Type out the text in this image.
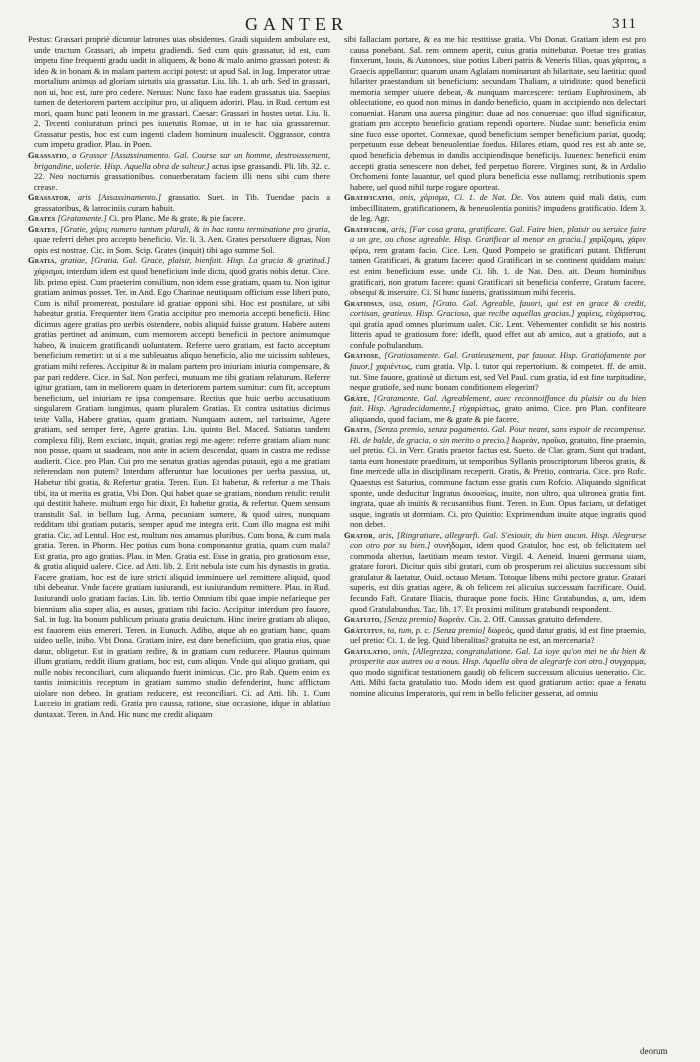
GANTER	311

Pestus: Grassari propriè dicuntur latrones uias obsidentes. Gradi siquidem ambulare est, unde tractum Grassari, ab impetu gradiendi. Sed cum quis grassatur, id est, cum impetu fine frequenti gradu uadit in aliquem, & bono & malo animo grassari potest: & ideo & in bonam & in malam partem accipi potest: ut apud Sal. in Iug. Imperator utrae mortalium animus ad gloriam uirtutis uia grassatur. Liu. lib. 1. ab urb. Sed in grassari, non ui, hoc est, iure pro cedere. Neruus: Nunc faxo hae eadem grassatus uia. Saepius tamen de deteriorem partem accipitur pro, ui aliquem adoriri. Plau. in Rud. certum est mori, quam hunc pati leonem in me grassari. Caesar: Grassari in hostes uetat. Liu. li. 2. Tecenti coniuratum princi pes iuuetutis Romae, ut in te hac uia grassaremur. Grassatur pestis, hoc est cum ingenti cladem hominum inualescit. Oggrassor, contra cum impetu gradior. Plau. in Poen.

Grassatio, a Grassor [Assassinamento. Gal. Course sur un homme, destroussement, brigandine, uolerie. Hisp. Aquella obra de salteur.] actus ipse grassandi. Pli. lib. 32. c. 22. Neo nocturnis grassationibus. conuerberatam faciem illi nens sibi cum there crease.

Grassator, aris [Assassinamento.] grassatio. Suet. in Tib. Tuendae pacis a grassatoribus, & latrociniis curam habuit.

Grates [Gratamente.] Ci. pro Planc. Me & grate, & pie facere.

Grates, [Gratie, χάρις numero tantum plurali, & in hac tantu terminatione pro gratia, quae referri debet pro accepto beneficio. Vir. li. 3. Aen. Grates persoluere dignas, Non opis est nostrae. Cic. in Som. Scip. Grates (inquit) tibi ago summe Sol.

Gratia, gratiae, [Gratia. Gal. Grace, plaisir, bienfait. Hisp. La gracia & gratitud.] χάρισμα, interdum idem est quod beneficium inde dictu, quod gratis nobis detur. Cice. lib. primo epist. Cum praeterim consilium, non idem esse gratiam, quam tu. Non igitur gratiam animus posset. Ter. in And. Ego Charinae neutiquam officium esse liberi puto, Cum is nihil promereat, postulare id gratiae opponi sibi. Hoc est postulare, ut sibi habeatur gratia. Frequenter item Gratia accipitur pro memoria accepti beneficii. Hinc dicimus agere gratias pro uerbis ostendere, nobis aliquid fuisse gratum. Habere autem gratias pertinet ad animum, cum memorem accepti beneficii in pectore animumque habeo, & inuicem gratificandi uoluntatem. Referre uero gratiam, est facto acceptum beneficium remetiri: ut si a me subleuatus aliquo beneficio, alio me uicissim subleues, gratiam mihi referes. Accipitur & in malam partem pro iniuriam iniuria compensare, & par pari reddere. Cice. in Sal. Non perfeci, mutuam me tibi gratiam relaturum. Referre igitur gratiam, tam in meliorem quam in deteriorem partem sumitur: cum fit, acceptum beneficium, uel iniuriam re ipsa compensare. Rectius que huic uerbo accusatiuum singularem Gratiam iungimus, quam pluralem Gratias. Et contra usitatius dicimus teste Valla, Habere gratias, quam gratiam. Nunquam autem, uel rarissime, Agere gratiam, sed semper fere, Agere gratias. Liu. quinto Bel. Maced. Satiatus tandem complexu filij, Rem exciatc, inquit, gratias regi me agere: referre gratiam aliam nunc non posse, quam ut suadeam, non ante in aciem descendat, quam in castra me redisse audierit. Cice. pro Plan. Cui pro me senatus gratias agendas putauit, ego a me gratiam referendam non putem? Interdum afferuntur hae locutiones per uerba passiua, ut, Habetur tibi gratia, & Refertur gratia. Teren. Eun. Et habetur, & refertur a me Thais tibi, ita ut merita es gratia, Vbi Don. Qui habet quae se gratiam, nondum retulit: retulit qui destitit habere. multum ergo hic dixit, Et habetur gratia, & refertur. Quem sensum transtulit Sal. in bellum Iug. Arma, pecuniam sumere, & quod uires, nunquam redditam tibi gratiam putaris, semper apud me integra erit. Cum illo magna est mihi gratia. Cic. ad Lentul. Hoc est, multum nos amamus pluribus. Cum bona, & cum mala gratia. Teren. in Phorm. Hec potius cum bona componantur gratia, quam cum mala? Est gratia, pro ago gratias. Plau. in Men. Gratia est. Esse in gratia, pro gratiosum esse, & gratia aliquid ualere. Cice. ad Atti. lib. 2. Erit nebula iste cum his dynastis in gratia. Facere gratiam, hoc est de iure stricti aliquid imminuere uel remittere aliquid, quod tibi debeatur. Vnde facere gratiam iusiurandi, est iusiurandum remittere. Plau. in Rud. Iusiurandi uolo gratiam facias. Lin. lib. tertio Omnium tibi quae impie nefarieque per biennium alia super alia, es ausus, gratiam tibi facio. Accipitur interdum pro fauore, Sal. in Iug. Ita bonum publicum priuata gratia deuictum. Hinc ineire gratiam ab aliquo, est fauorem eius emereri. Teren. in Eunuch. Adibo, atque ab eo gratiam hanc, quam uideo uelle, inibo. Vbi Dona. Gratiam inire, est dare beneficium, quo gratia eius, quae datur, obligetur. Est in gratiam redire, & in gratiam cum reducere. Plautus quintam illum gratiam, reddit ilium gratiam, hoc est, cum aliquo. Vnde qui aliquo gratiam, qui nulle nobis reconciliari, cum aliquando fuerit inimicus. Cic. pro Rab. Quem enim ex tantis inimicitiis receptum in gratiam summo studio defenderint, hunc afflictum uiolare non debeo. In gratiam reducere, est reconciliari. Ci. ad Atti. lib. 1. Cum Lucceio in gratiam redi. Gratia pro caussa, ratione, siue occasione, idque in ablatiuo duntaxat. Teren. in And. Hic nunc me credit aliquam

sibi fallaciam portare, & ea me hic restitisse gratia. Vbi Donat. Gratiam idem est pro causa ponebant. Sal. rem omnem aperit, cuius gratia mittebatur. Poetae tres gratias finxerunt, Iouis, & Autonoes, siue potius Liberi patris & Veneris filias, quas χάριτας, a Graecis appellantur: quarum unam Aglaiam nominarunt ab hilaritate, seu laetitia: quod hilariter praestandum sit beneficium: secundam Thaliam, a uiriditate: quod beneficii memoria semper uiuere debeat, & nunquam marcescere: tertiam Euphrosinem, ab oblectatione, eo quod non minus in dando beneficio, quam in accipiendo nos delectari conueniat. Harum una auersa pingitur: duae ad nos conuersae: quo illud significatur, gratiam pro accepto beneficio gratiam rependi oportere. Nudae sunt: beneficia enim sine fuco esse oportet. Connexae, quod beneficium semper beneficium pariat, quodq; perpetuum esse debeat beneuolentiae foedus. Hilares etiam, quod res est ab ante se, quod beneficia debemus in dandis accipiendisque beneficijs. Iuuenes: beneficii enim accepti gratia senescere non debet, fed perpetuo florere. Virgines sunt, & in Ardalio Orchomeni fonte lauantur, uel quod plura beneficia esse nullamq; retributionis spem habere, uel quod nihil turpe rogare oporteat.

Gratificatio, onis, χάρισμα, Ci. 1. de Nat. De. Vos autem quid mali datis, cum imbecillitatem, gratificationem, & beneuolentia ponitis? impudens gratificatio. Idem 3. de leg. Agr.

Gratificor, aris, [Far cosa grata, gratificare. Gal. Faire bien, plaisir ou seruice faire a un gre, ou chose agreable. Hisp. Gratificar al menor en gracia.] χαρίζομαι, χάριν φέρω, rem gratam facio. Cice. Len. Quod Pompeio se gratificari putant. Differunt tamen Gratificari, & gratum facere: quod Gratificari in se continent quiddam maius: est enim beneficium esse. unde Ci. lib. 1. de Nat. Deo. ait. Deum hominibus gratificari, non gratum facere: quasi Gratificari sit beneficia conferre, Gratum facere, obsequi & inseruire. Ci. Si hunc iuueris, gratissimum mihi feceris.

Gratiosus, osa, osum, [Grato. Gal. Agreable, fauori, qui est en grace & credit, cortisan, gratieux. Hisp. Gracioso, que recibe aquellas gracias.] χαρίεις, εὐχάριστος, qui gratia apud omnes plurimum ualet. Cic. Lent. Vehementer confidit se his nostris litteris apud te gratiosum fore: ideflt, quod effet aut ab amico, aut a gratiofo, aut a confule poftulandum.

Gratiose, [Gratiosamente. Gal. Gratieusement, par fauour. Hisp. Gratiofamente por fauor.] χαριέντως, cum gratia. Vlp. l. tutor qui repertorium. & competet. ff. de amit. tut. Sine fauore, gratiosè ut dictum est, sed Vel Paul. cum gratia, id est fine turpitudine, neque gratiofe, sed nunc bonam conditionem elegerint?

Grate, [Gratamente. Gal. Agreablement, auec reconnoiffance du plaisir ou du bien fait. Hisp. Agradecidamente.] εὐχαρίστως, grato animo. Cice. pro Plan. confiteare aliquando, quod faciam, me & grate & pie facere.

Gratis, [Senza premio, senza pagamento. Gal. Pour neant, sans espoir de recompense. Hi. de balde, de gracia, o sin merito o precio.] δωρεάν, προῖκα, gratuito, fine praemio, uel pretio. Ci. in Verr. Gratis praetor factus est. Sueto. de Clar. gram. Sunt qui tradant, tanta eum honestate praeditum, ut temporibus Syllanis proscriptorum liberos gratis, & fine mercede ulla in disciplinam receperit. Gratis, & Pretio, contraria. Cice. pro Rofc. Quaestus est Saturius, commune factum esse gratis cum Rofcio. Aliquando significat sponte, unde deducitur Ingratus ἀκουσίως, inuite, non ultro, qua ultronea gratia fint. ingrata, quae ab inuitis & recusantibus fiunt. Teren. in Eun. Opus faciam, ut defatiget usque, ingratis ut dormiam. Ci. pro Quintio: Exprimendum inuite atque ingratis quod non debet.

Grator, aris, [Ringratiare, allegrarfi. Gal. S'esiouir, du bien aucun. Hisp. Alegrarse con otro por su bien.] συνήδομαι, idem quod Gratulor, hoc est, ob felicitatem uel commoda alterius, laetitiam meam testor. Virgil. 4. Aeneid. Inueni germana uiam, gratare forori. Dicitur quis sibi gratari, cum ob prosperum rei alicuius successum sibi gratulatur & laetatur. Ouid. octauo Metam. Totoque libens mihi pectore gratur. Gratari superis, est diis gratias agere, & ob felicem rei alicuius successum facrificare. Ouid. fecundo Faft. Gratare Iliacis, thuraque pone focis. Hinc Gratabundus, a, um, idem quod Gratulabundus. Tac. lib. 17. Et proximi militum gratabundi respondent.

Gratuito, [Senza premio] δωρεάν. Cis. 2. Off. Caussas gratuito defendere.

Gratuitus, ta, tum, p. c. [Senza premio] δωρεός, quod datur gratis, id est fine praemio, uel pretio: Ci. 1. de leg. Quid liberalitas? gratuita ne est, an mercenaria?

Gratulatio, onis, [Allegrezza, congratulatione. Gal. La ioye qu'on mei ne du bien & prosperite aux autres ou a nous. Hisp. Aquella obra de alegrarfe con otro.] συγχαρμα, quo modo significat testationem gaudij ob felicem successum alicuius ueneratio. Cic. Atti. Mihi facta gratulatio tuo. Modo idem est quod gratiarum actio: quae a fenatu nomine alicuius Imperatoris, qui rem in bello feliciter gesserat, ad omniu

deorum
